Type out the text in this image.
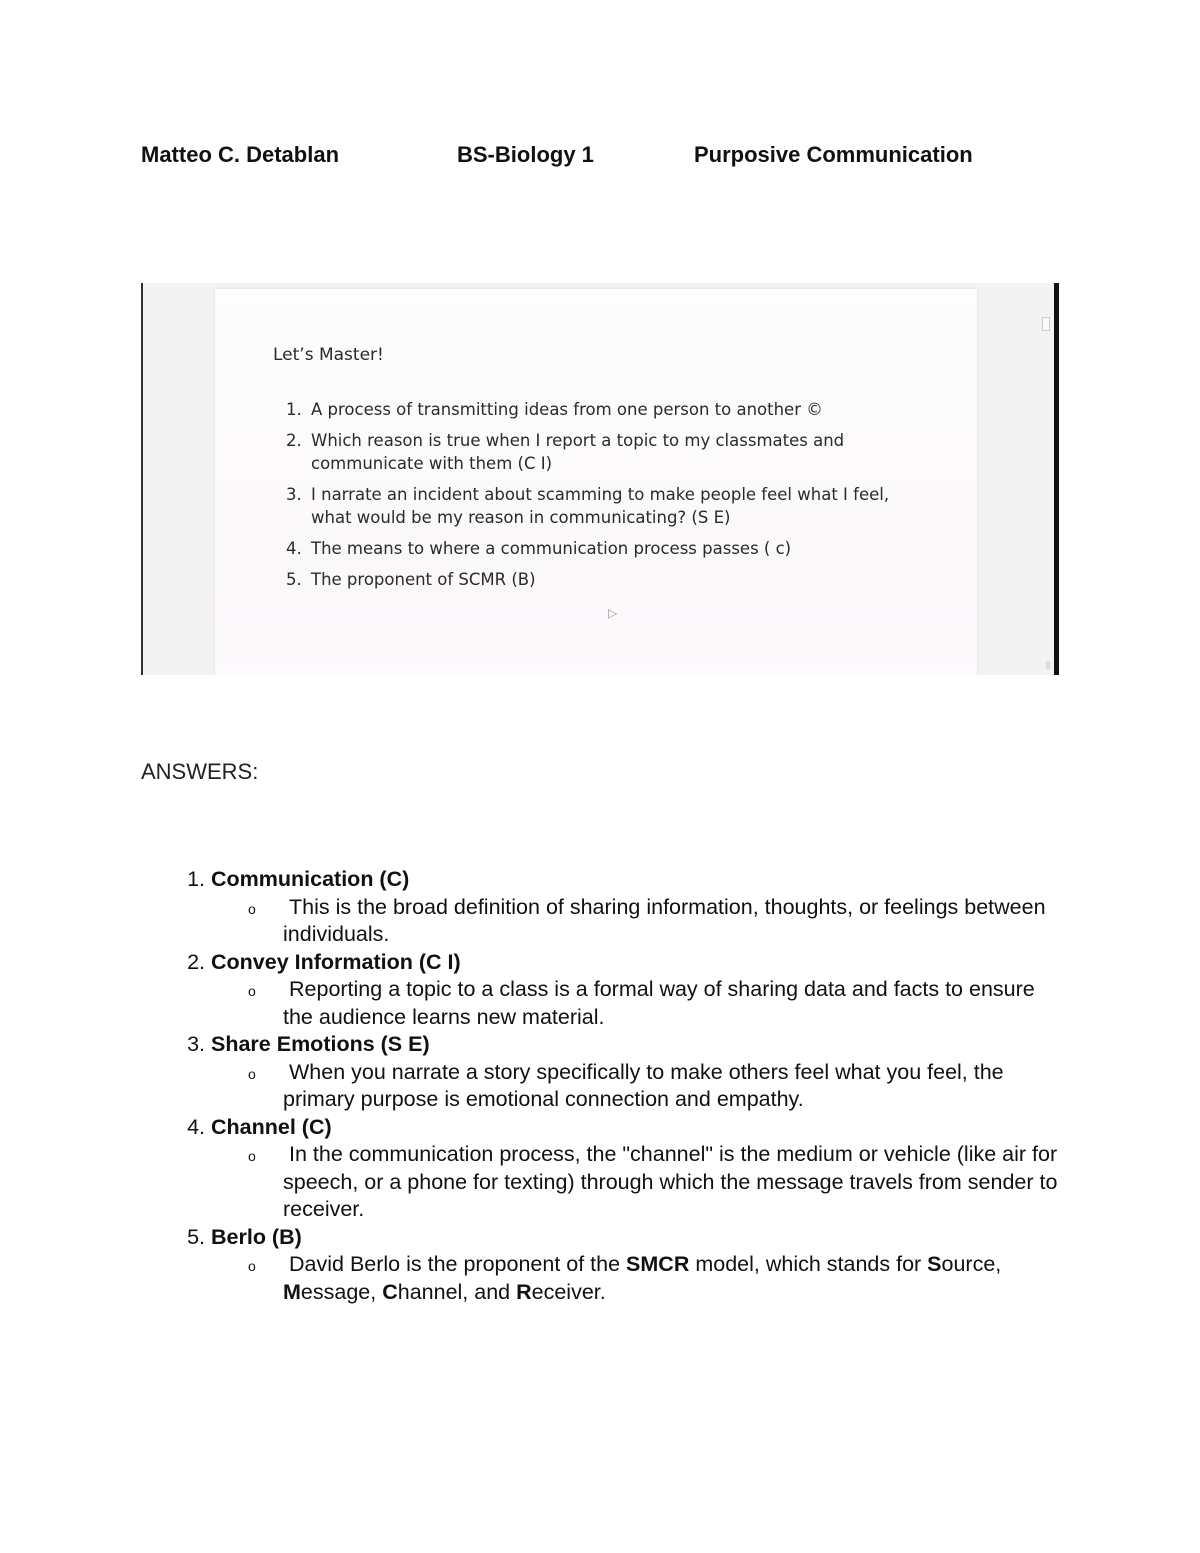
Matteo C. Detablan	BS-Biology 1	Purposive Communication

Let’s Master!

1. A process of transmitting ideas from one person to another ©
2. Which reason is true when I report a topic to my classmates and communicate with them (C I)
3. I narrate an incident about scamming to make people feel what I feel, what would be my reason in communicating? (S E)
4. The means to where a communication process passes ( c)
5. The proponent of SCMR (B)
▷
ANSWERS:
1. Communication (C)
o This is the broad definition of sharing information, thoughts, or feelings between individuals.
2. Convey Information (C I)
o Reporting a topic to a class is a formal way of sharing data and facts to ensure the audience learns new material.
3. Share Emotions (S E)
o When you narrate a story specifically to make others feel what you feel, the primary purpose is emotional connection and empathy.
4. Channel (C)
o In the communication process, the "channel" is the medium or vehicle (like air for speech, or a phone for texting) through which the message travels from sender to receiver.
5. Berlo (B)
o David Berlo is the proponent of the SMCR model, which stands for Source, Message, Channel, and Receiver.
